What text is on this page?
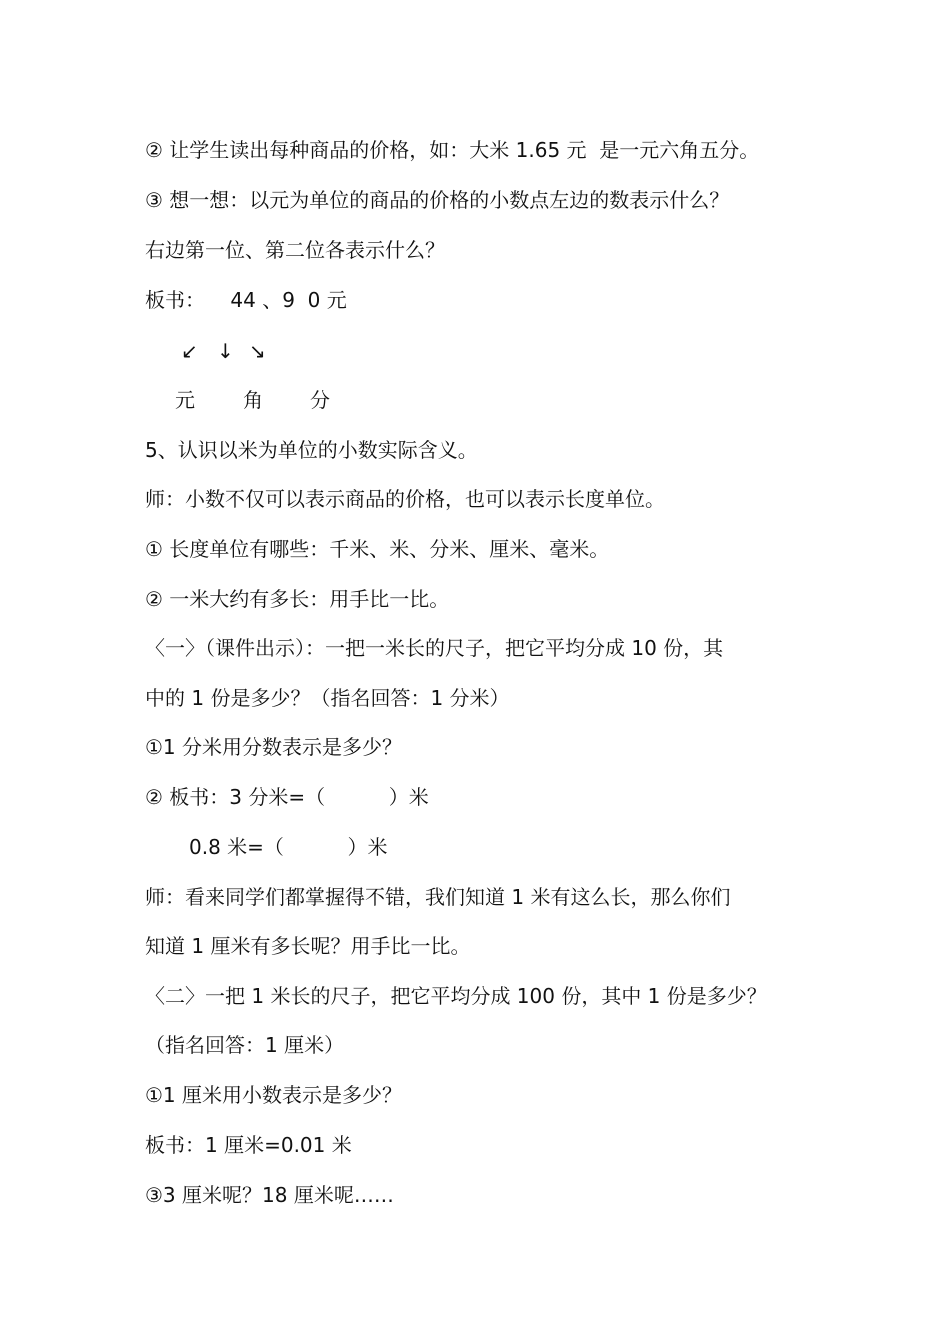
② 让学生读出每种商品的价格，如：大米 1.65 元  是一元六角五分。
③ 想一想：以元为单位的商品的价格的小数点左边的数表示什么？
右边第一位、第二位各表示什么？
板书：    44 、9  0 元

↙

↓

↘

元

角

分

5、认识以米为单位的小数实际含义。
师：小数不仅可以表示商品的价格，也可以表示长度单位。
① 长度单位有哪些：千米、米、分米、厘米、毫米。
② 一米大约有多长：用手比一比。
〈一〉（课件出示）：一把一米长的尺子，把它平均分成 10 份，其
中的 1 份是多少？（指名回答：1 分米）
①1 分米用分数表示是多少？
② 板书：3 分米=（          ）米
0.8 米=（          ）米
师：看来同学们都掌握得不错，我们知道 1 米有这么长，那么你们
知道 1 厘米有多长呢？用手比一比。
〈二〉一把 1 米长的尺子，把它平均分成 100 份，其中 1 份是多少？
（指名回答：1 厘米）
①1 厘米用小数表示是多少？
板书：1 厘米=0.01 米
③3 厘米呢？18 厘米呢……
